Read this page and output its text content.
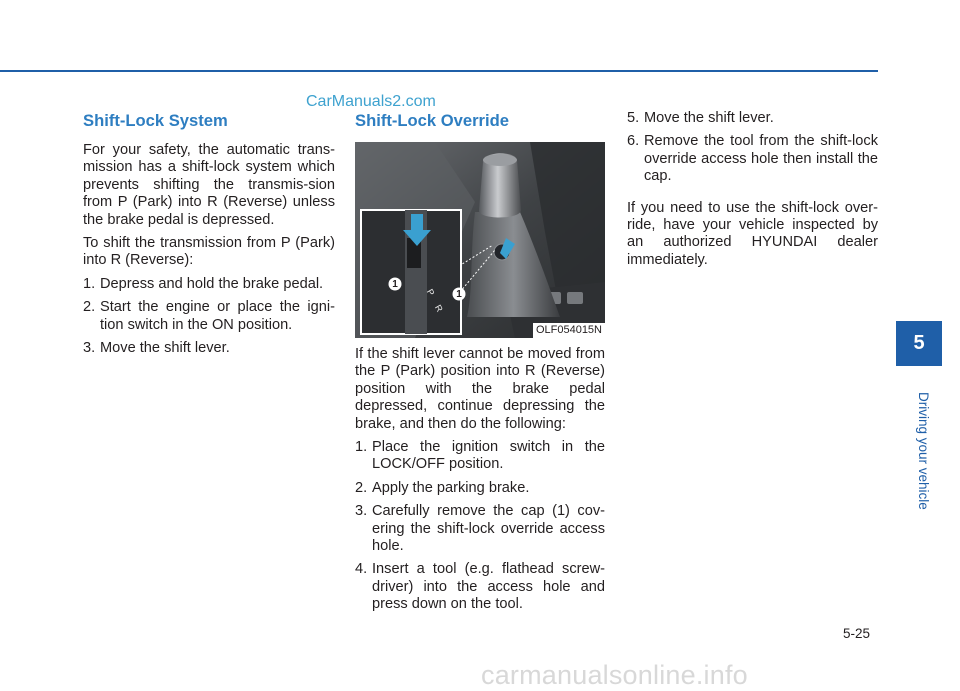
CarManuals2.com
Shift-Lock System

For your safety, the automatic trans-mission has a shift-lock system which prevents shifting the transmis-sion from P (Park) into R (Reverse) unless the brake pedal is depressed.

To shift the transmission from P (Park) into R (Reverse):

1. Depress and hold the brake pedal.
2. Start the engine or place the igni-tion switch in the ON position.
3. Move the shift lever.
Shift-Lock Override
1
1
P
R
OLF054015N

If the shift lever cannot be moved from the P (Park) position into R (Reverse) position with the brake pedal depressed, continue depressing the brake, and then do the following:

1. Place the ignition switch in the LOCK/OFF position.
2. Apply the parking brake.
3. Carefully remove the cap (1) cov-ering the shift-lock override access hole.
4. Insert a tool (e.g. flathead screw-driver) into the access hole and press down on the tool.
5. Move the shift lever.
6. Remove the tool from the shift-lock override access hole then install the cap.

If you need to use the shift-lock over-ride, have your vehicle inspected by an authorized HYUNDAI dealer immediately.

5
Driving your vehicle
5-25
carmanualsonline.info
